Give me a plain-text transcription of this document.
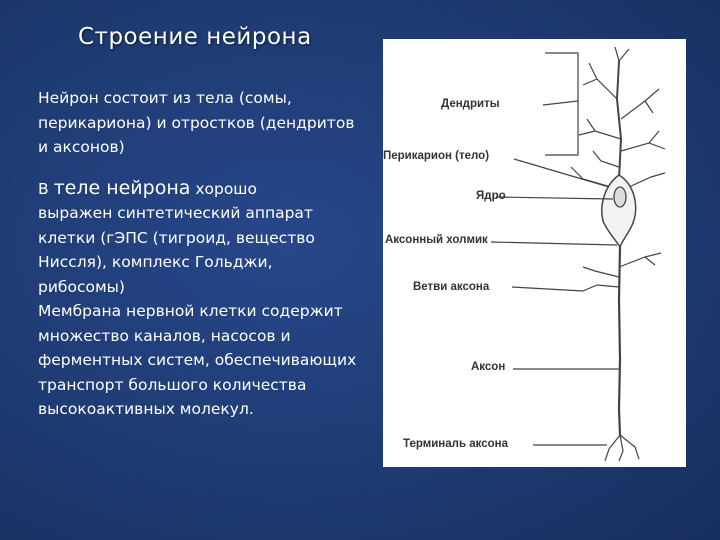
Строение нейрона

Нейрон состоит из тела (сомы, перикариона) и отростков (дендритов и аксонов)

В теле нейрона хорошо
выражен синтетический аппарат клетки (гЭПС (тигроид, вещество Ниссля), комплекс Гольджи, рибосомы)

Мембрана нервной клетки содержит множество каналов, насосов и ферментных систем, обеспечивающих транспорт большого количества высокоактивных молекул.

Дендриты
Перикарион (тело)
Ядро
Аксонный холмик
Ветви аксона
Аксон
Терминаль аксона
